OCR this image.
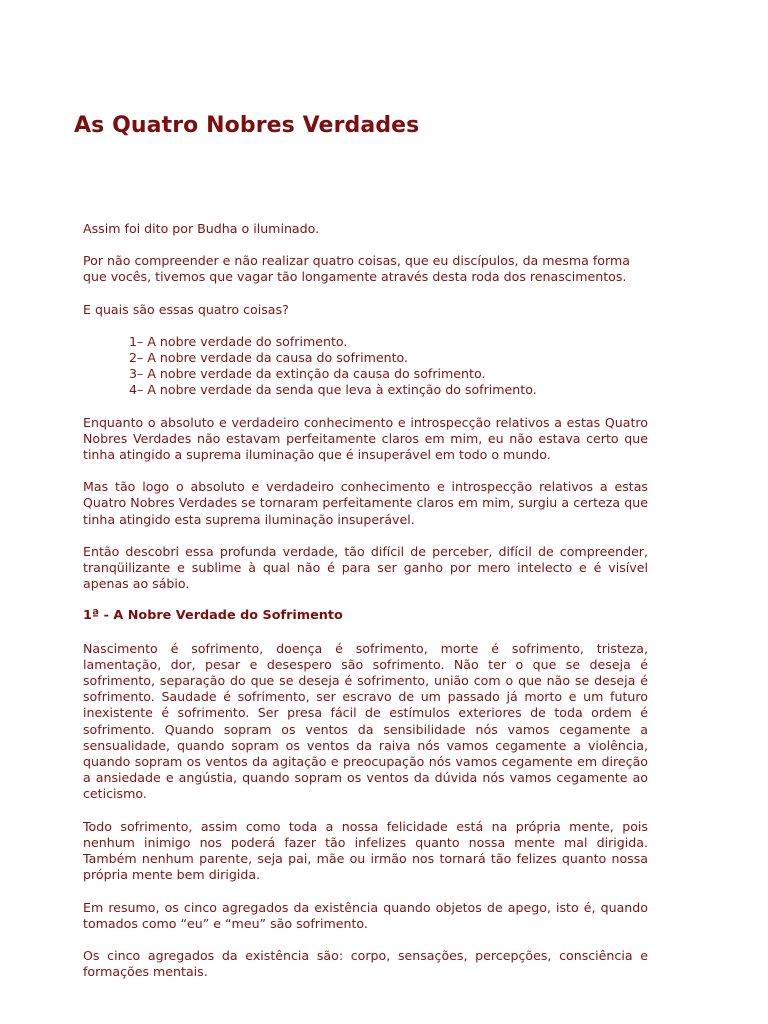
As Quatro Nobres Verdades

Assim foi dito por Budha o iluminado.

Por não compreender e não realizar quatro coisas, que eu discípulos, da mesma forma que vocês, tivemos que vagar tão longamente através desta roda dos renascimentos.

E quais são essas quatro coisas?

1– A nobre verdade do sofrimento.
2– A nobre verdade da causa do sofrimento.
3– A nobre verdade da extinção da causa do sofrimento.
4– A nobre verdade da senda que leva à extinção do sofrimento.

Enquanto o absoluto e verdadeiro conhecimento e introspecção relativos a estas Quatro Nobres Verdades não estavam perfeitamente claros em mim, eu não estava certo que tinha atingido a suprema iluminação que é insuperável em todo o mundo.

Mas tão logo o absoluto e verdadeiro conhecimento e introspecção relativos a estas Quatro Nobres Verdades se tornaram perfeitamente claros em mim, surgiu a certeza que tinha atingido esta suprema iluminação insuperável.

Então descobri essa profunda verdade, tão difícil de perceber, difícil de compreender, tranqüilizante e sublime à qual não é para ser ganho por mero intelecto e é visível apenas ao sábio.

1ª - A Nobre Verdade do Sofrimento

Nascimento é sofrimento, doença é sofrimento, morte é sofrimento, tristeza, lamentação, dor, pesar e desespero são sofrimento. Não ter o que se deseja é sofrimento, separação do que se deseja é sofrimento, união com o que não se deseja é sofrimento. Saudade é sofrimento, ser escravo de um passado já morto e um futuro inexistente é sofrimento. Ser presa fácil de estímulos exteriores de toda ordem é sofrimento. Quando sopram os ventos da sensibilidade nós vamos cegamente a sensualidade, quando sopram os ventos da raiva nós vamos cegamente a violência, quando sopram os ventos da agitação e preocupação nós vamos cegamente em direção a ansiedade e angústia, quando sopram os ventos da dúvida nós vamos cegamente ao ceticismo.

Todo sofrimento, assim como toda a nossa felicidade está na própria mente, pois nenhum inimigo nos poderá fazer tão infelizes quanto nossa mente mal dirigida. Também nenhum parente, seja pai, mãe ou irmão nos tornará tão felizes quanto nossa própria mente bem dirigida.

Em resumo, os cinco agregados da existência quando objetos de apego, isto é, quando tomados como “eu” e “meu” são sofrimento.

Os cinco agregados da existência são: corpo, sensações, percepções, consciência e formações mentais.
